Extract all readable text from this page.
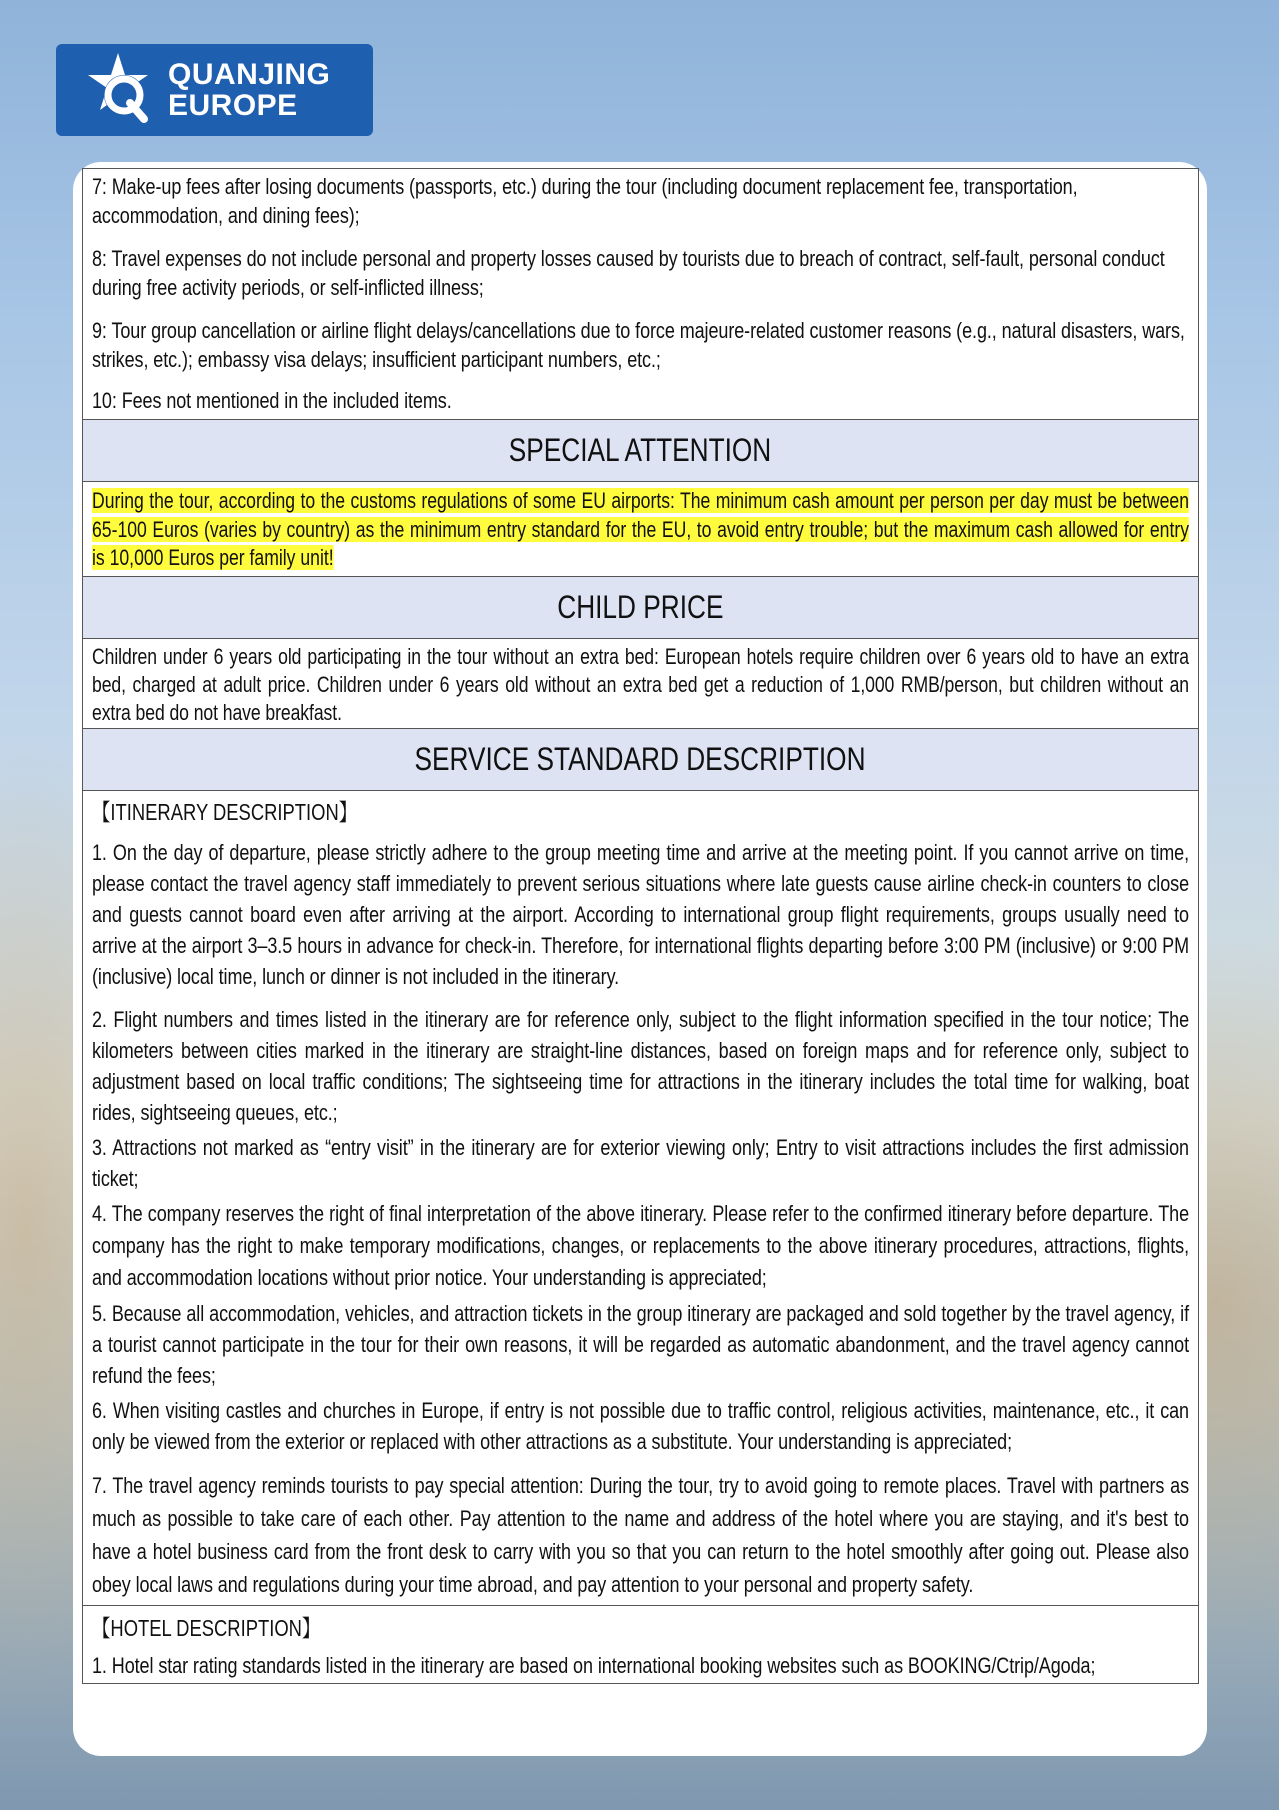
QUANJING
EUROPE
7: Make-up fees after losing documents (passports, etc.) during the tour (including document replacement fee, transportation, accommodation, and dining fees);
8: Travel expenses do not include personal and property losses caused by tourists due to breach of contract, self-fault, personal conduct during free activity periods, or self-inflicted illness;
9: Tour group cancellation or airline flight delays/cancellations due to force majeure-related customer reasons (e.g., natural disasters, wars, strikes, etc.); embassy visa delays; insufficient participant numbers, etc.;
10: Fees not mentioned in the included items.
SPECIAL ATTENTION
During the tour, according to the customs regulations of some EU airports: The minimum cash amount per person per day must be between 65-100 Euros (varies by country) as the minimum entry standard for the EU, to avoid entry trouble; but the maximum cash allowed for entry is 10,000 Euros per family unit!
CHILD PRICE
Children under 6 years old participating in the tour without an extra bed: European hotels require children over 6 years old to have an extra bed, charged at adult price. Children under 6 years old without an extra bed get a reduction of 1,000 RMB/person, but children without an extra bed do not have breakfast.
SERVICE STANDARD DESCRIPTION
【ITINERARY DESCRIPTION】
1. On the day of departure, please strictly adhere to the group meeting time and arrive at the meeting point. If you cannot arrive on time, please contact the travel agency staff immediately to prevent serious situations where late guests cause airline check-in counters to close and guests cannot board even after arriving at the airport. According to international group flight requirements, groups usually need to arrive at the airport 3–3.5 hours in advance for check-in. Therefore, for international flights departing before 3:00 PM (inclusive) or 9:00 PM (inclusive) local time, lunch or dinner is not included in the itinerary.
2. Flight numbers and times listed in the itinerary are for reference only, subject to the flight information specified in the tour notice; The kilometers between cities marked in the itinerary are straight-line distances, based on foreign maps and for reference only, subject to adjustment based on local traffic conditions; The sightseeing time for attractions in the itinerary includes the total time for walking, boat rides, sightseeing queues, etc.;
3. Attractions not marked as “entry visit” in the itinerary are for exterior viewing only; Entry to visit attractions includes the first admission ticket;
4. The company reserves the right of final interpretation of the above itinerary. Please refer to the confirmed itinerary before departure. The company has the right to make temporary modifications, changes, or replacements to the above itinerary procedures, attractions, flights, and accommodation locations without prior notice. Your understanding is appreciated;
5. Because all accommodation, vehicles, and attraction tickets in the group itinerary are packaged and sold together by the travel agency, if a tourist cannot participate in the tour for their own reasons, it will be regarded as automatic abandonment, and the travel agency cannot refund the fees;
6. When visiting castles and churches in Europe, if entry is not possible due to traffic control, religious activities, maintenance, etc., it can only be viewed from the exterior or replaced with other attractions as a substitute. Your understanding is appreciated;
7. The travel agency reminds tourists to pay special attention: During the tour, try to avoid going to remote places. Travel with partners as much as possible to take care of each other. Pay attention to the name and address of the hotel where you are staying, and it's best to have a hotel business card from the front desk to carry with you so that you can return to the hotel smoothly after going out. Please also obey local laws and regulations during your time abroad, and pay attention to your personal and property safety.
【HOTEL DESCRIPTION】
1. Hotel star rating standards listed in the itinerary are based on international booking websites such as BOOKING/Ctrip/Agoda;
